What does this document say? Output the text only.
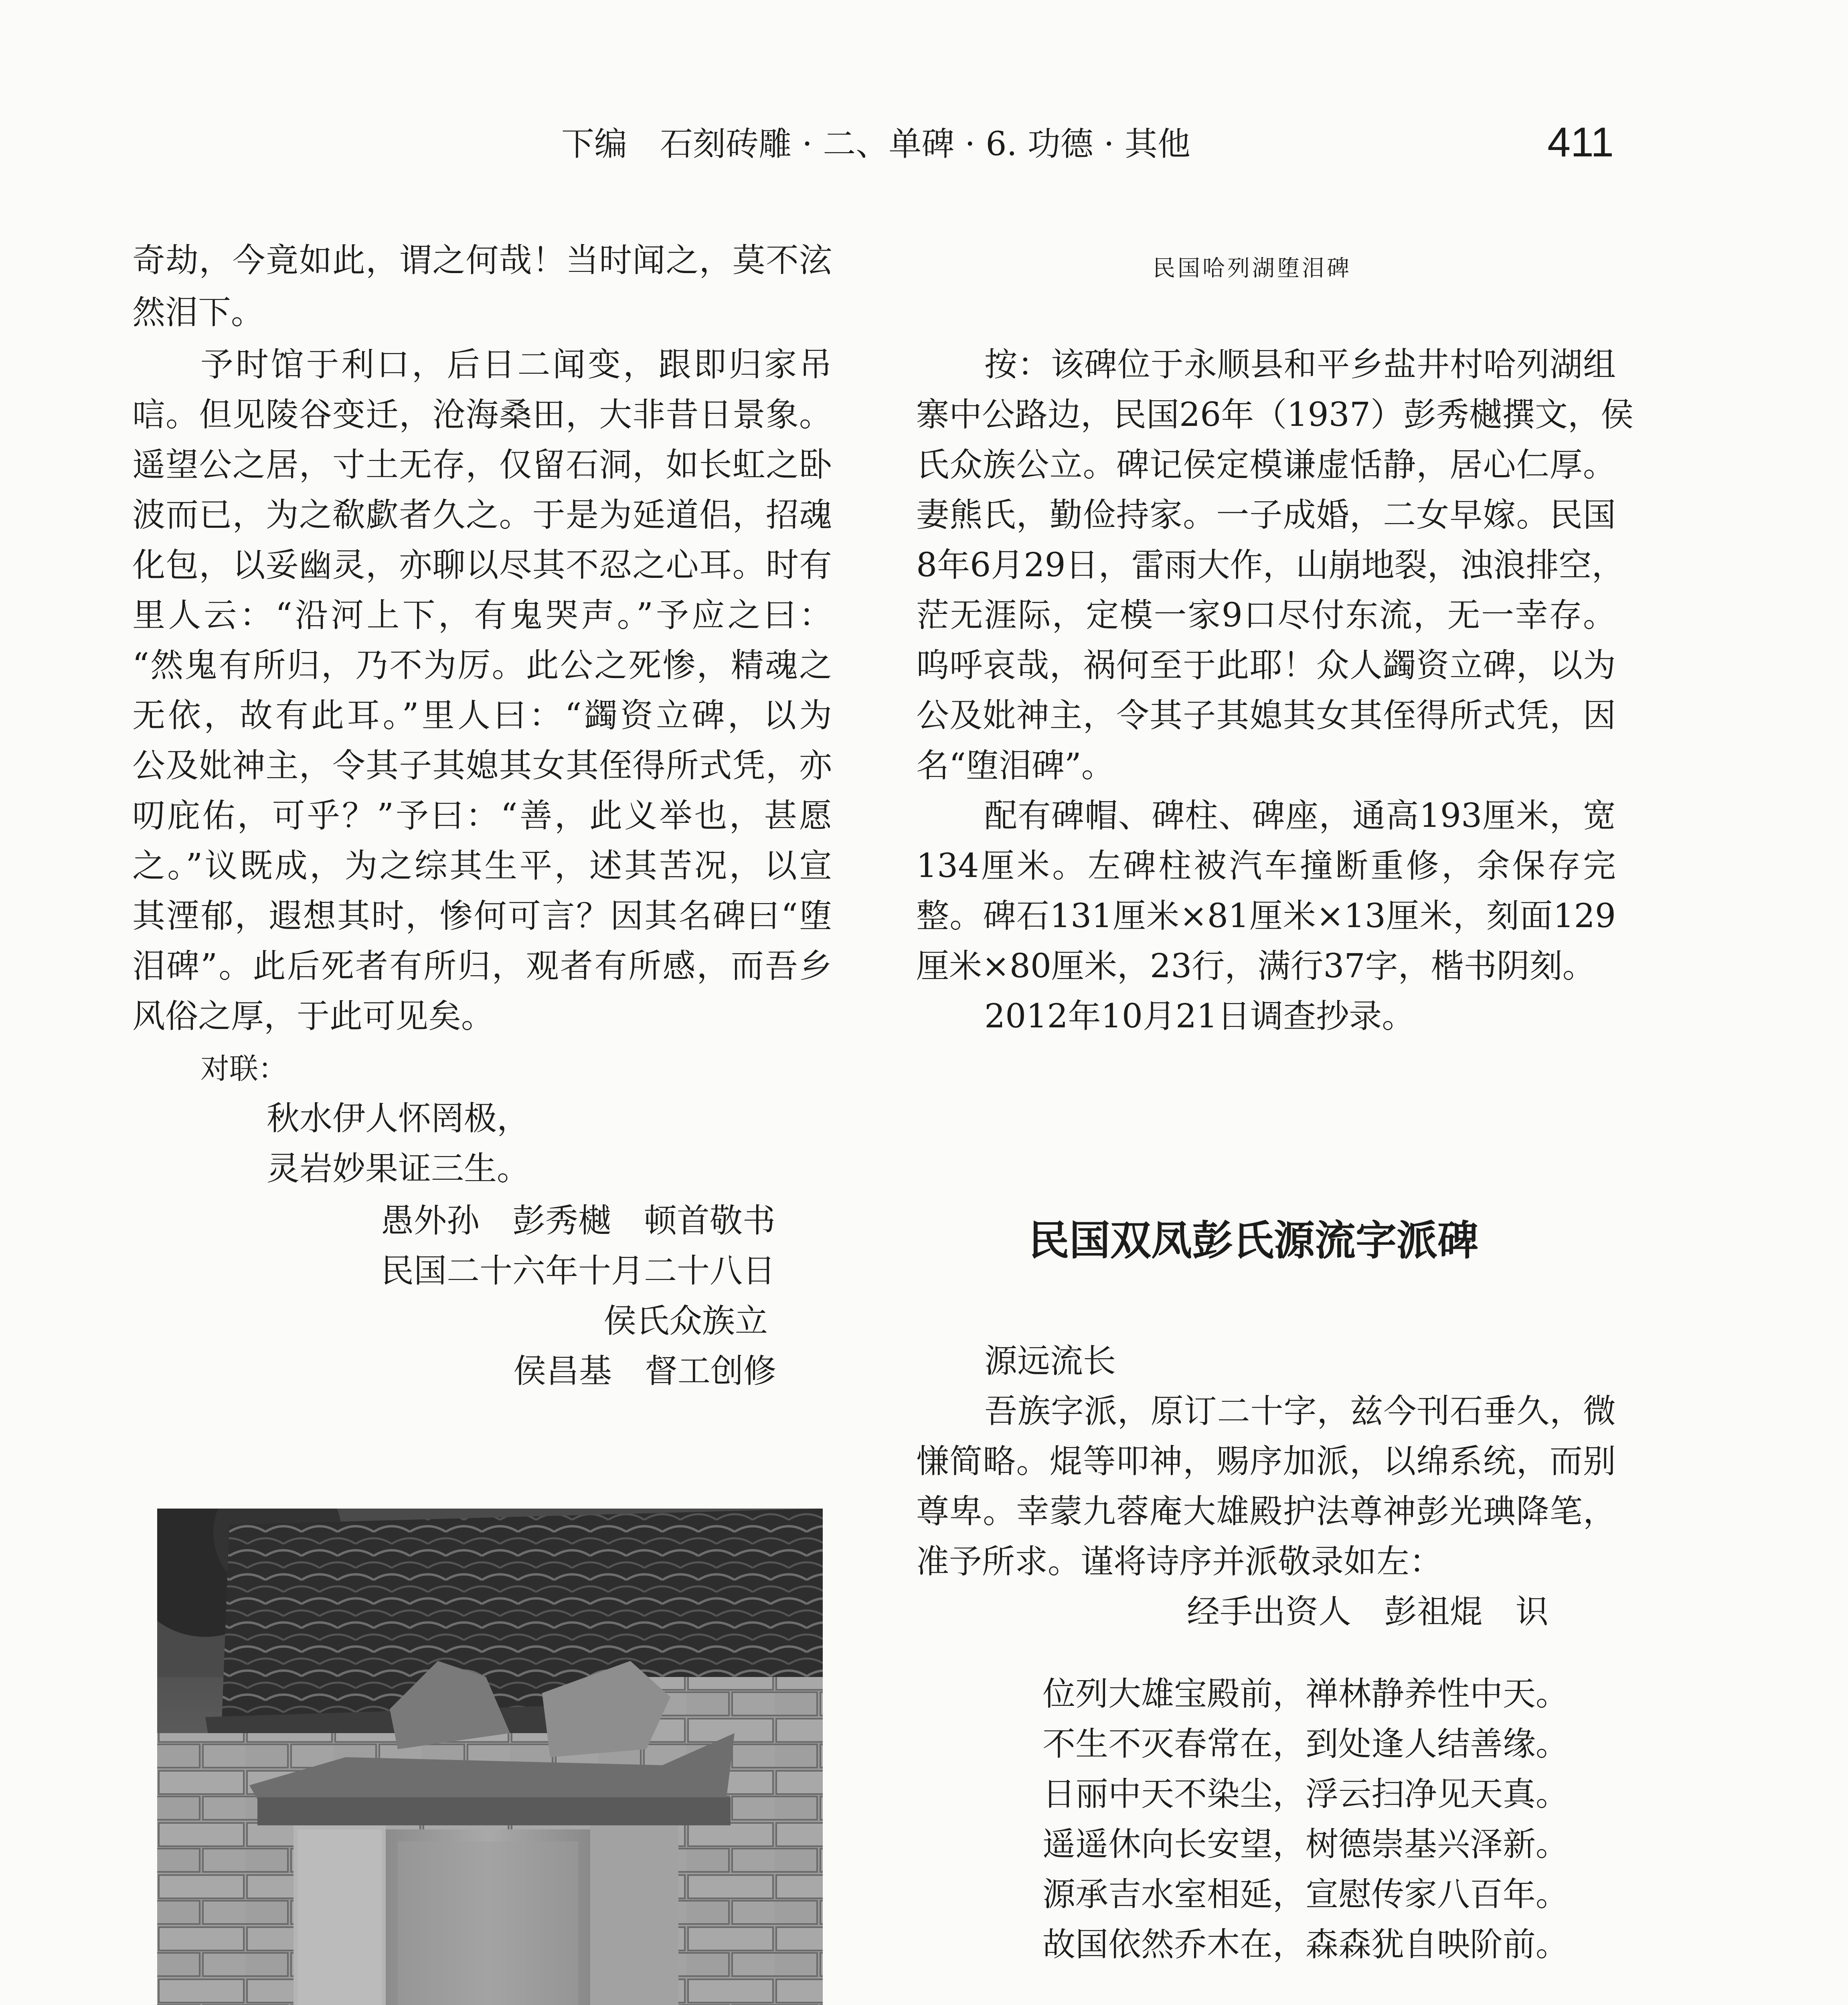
下编　石刻砖雕 · 二、单碑 · 6. 功德 · 其他	411
奇劫，今竟如此，谓之何哉！当时闻之，莫不泫
然泪下。
予时馆于利口，后日二闻变，跟即归家吊
唁。但见陵谷变迁，沧海桑田，大非昔日景象。
遥望公之居，寸土无存，仅留石洞，如长虹之卧
波而已，为之欷歔者久之。于是为延道侣，招魂
化包，以妥幽灵，亦聊以尽其不忍之心耳。时有
里人云：“沿河上下，有鬼哭声。”予应之曰：
“然鬼有所归，乃不为厉。此公之死惨，精魂之
无依，故有此耳。”里人曰：“蠲资立碑，以为
公及妣神主，令其子其媳其女其侄得所式凭，亦
叨庇佑，可乎？”予曰：“善，此义举也，甚愿
之。”议既成，为之综其生平，述其苦况，以宣
其湮郁，遐想其时，惨何可言？因其名碑曰“堕
泪碑”。此后死者有所归，观者有所感，而吾乡
风俗之厚，于此可见矣。
对联：
秋水伊人怀罔极，
灵岩妙果证三生。
愚外孙　彭秀樾　顿首敬书
民国二十六年十月二十八日
侯氏众族立
侯昌基　督工创修
民国哈列湖堕泪碑
按：该碑位于永顺县和平乡盐井村哈列湖组
寨中公路边，民国26年（1937）彭秀樾撰文，侯
氏众族公立。碑记侯定模谦虚恬静，居心仁厚。
妻熊氏，勤俭持家。一子成婚，二女早嫁。民国
8年6月29日，雷雨大作，山崩地裂，浊浪排空，
茫无涯际，定模一家9口尽付东流，无一幸存。
呜呼哀哉，祸何至于此耶！众人蠲资立碑，以为
公及妣神主，令其子其媳其女其侄得所式凭，因
名“堕泪碑”。
配有碑帽、碑柱、碑座，通高193厘米，宽
134厘米。左碑柱被汽车撞断重修，余保存完
整。碑石131厘米×81厘米×13厘米，刻面129
厘米×80厘米，23行，满行37字，楷书阴刻。
2012年10月21日调查抄录。
民国双凤彭氏源流字派碑
源远流长
吾族字派，原订二十字，兹今刊石垂久，微
慊简略。焜等叩神，赐序加派，以绵系统，而别
尊卑。幸蒙九蓉庵大雄殿护法尊神彭光琠降笔，
准予所求。谨将诗序并派敬录如左：
经手出资人　彭祖焜　识
位列大雄宝殿前，禅林静养性中天。
不生不灭春常在，到处逢人结善缘。
日丽中天不染尘，浮云扫净见天真。
遥遥休向长安望，树德崇基兴泽新。
源承吉水室相延，宣慰传家八百年。
故国依然乔木在，森森犹自映阶前。
